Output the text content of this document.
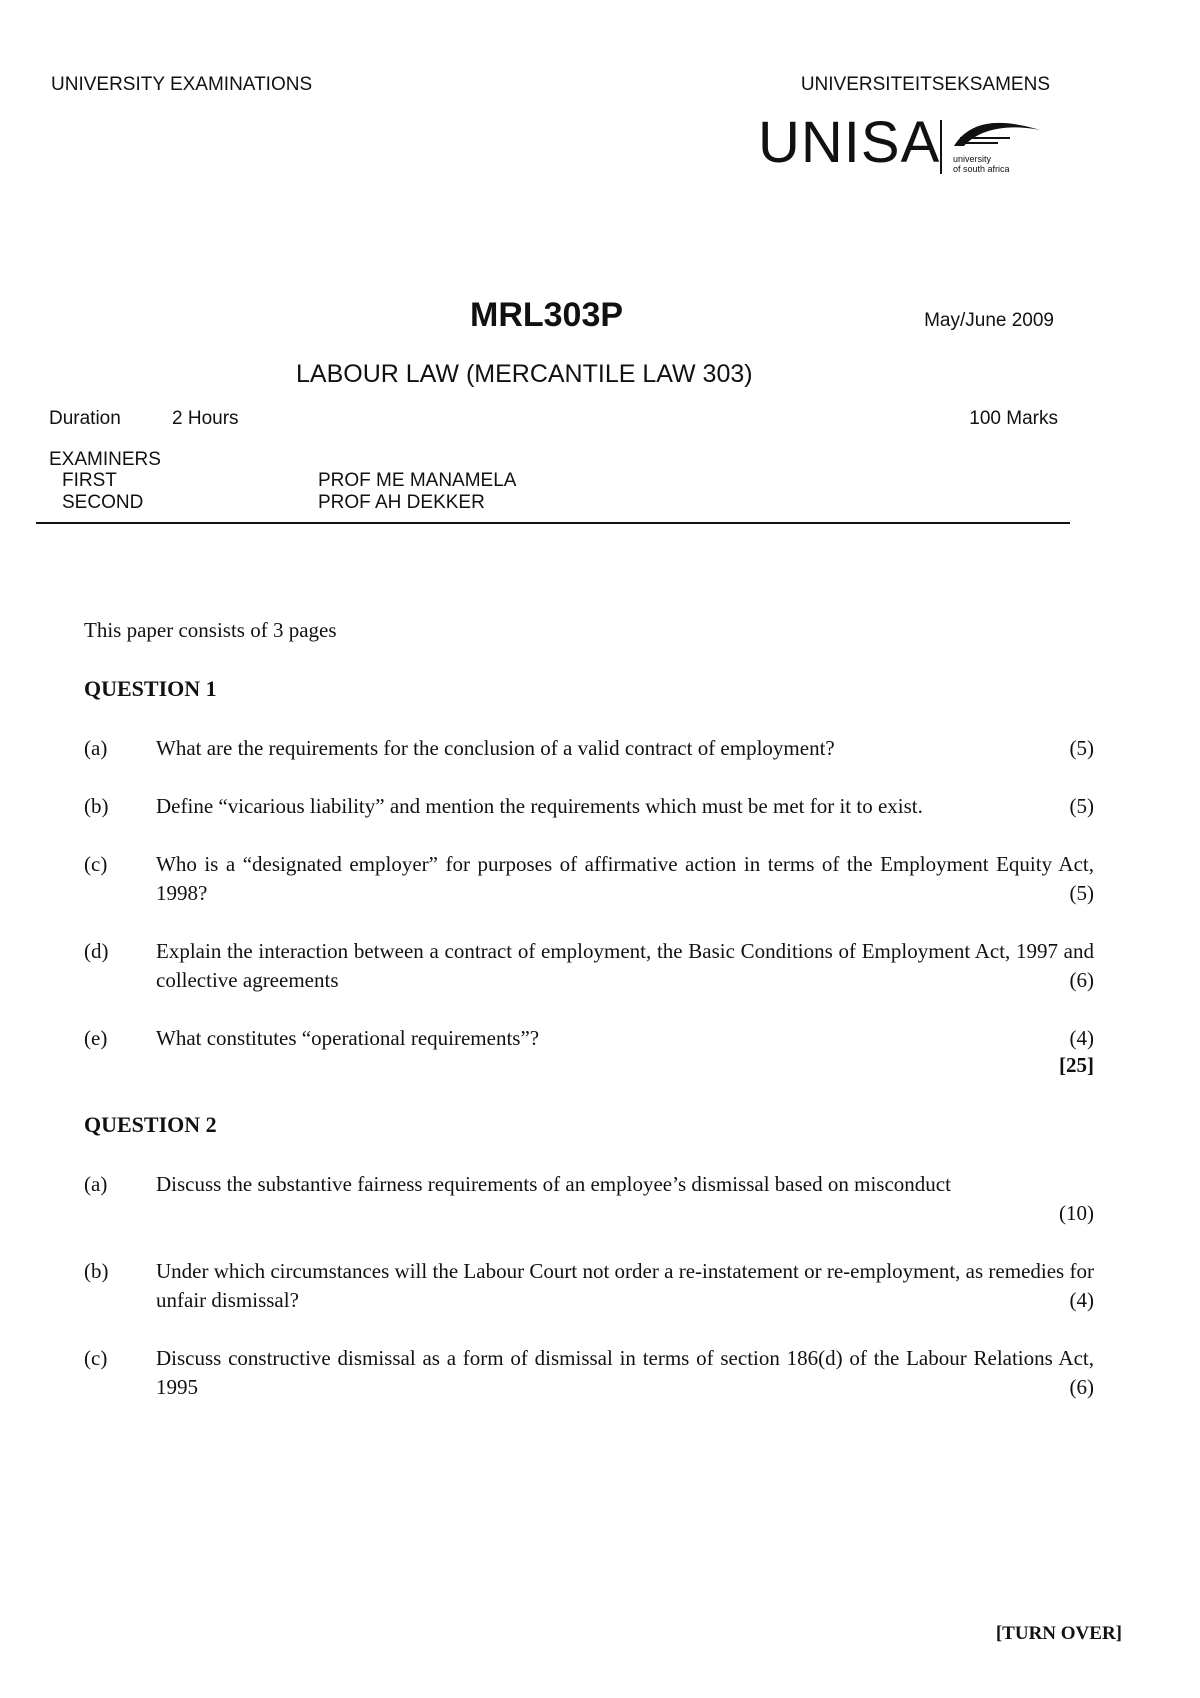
UNIVERSITY EXAMINATIONS	UNIVERSITEITSEKSAMENS
UNISA university
of south africa
MRL303P	May/June 2009
LABOUR LAW (MERCANTILE LAW 303)
Duration	2 Hours	100 Marks
EXAMINERS
FIRST	PROF ME MANAMELA
SECOND	PROF AH DEKKER
This paper consists of 3 pages
QUESTION 1
(a) What are the requirements for the conclusion of a valid contract of employment?	(5)
(b) Define “vicarious liability” and mention the requirements which must be met for it to exist.	(5)
(c) Who is a “designated employer” for purposes of affirmative action in terms of the Employment Equity Act, 1998?	(5)
(d) Explain the interaction between a contract of employment, the Basic Conditions of Employment Act, 1997 and collective agreements	(6)
(e) What constitutes “operational requirements”?	(4)
[25]
QUESTION 2
(a) Discuss the substantive fairness requirements of an employee’s dismissal based on misconduct
(10)
(b) Under which circumstances will the Labour Court not order a re-instatement or re-employment, as remedies for unfair dismissal?	(4)
(c) Discuss constructive dismissal as a form of dismissal in terms of section 186(d) of the Labour Relations Act, 1995	(6)
[TURN OVER]
